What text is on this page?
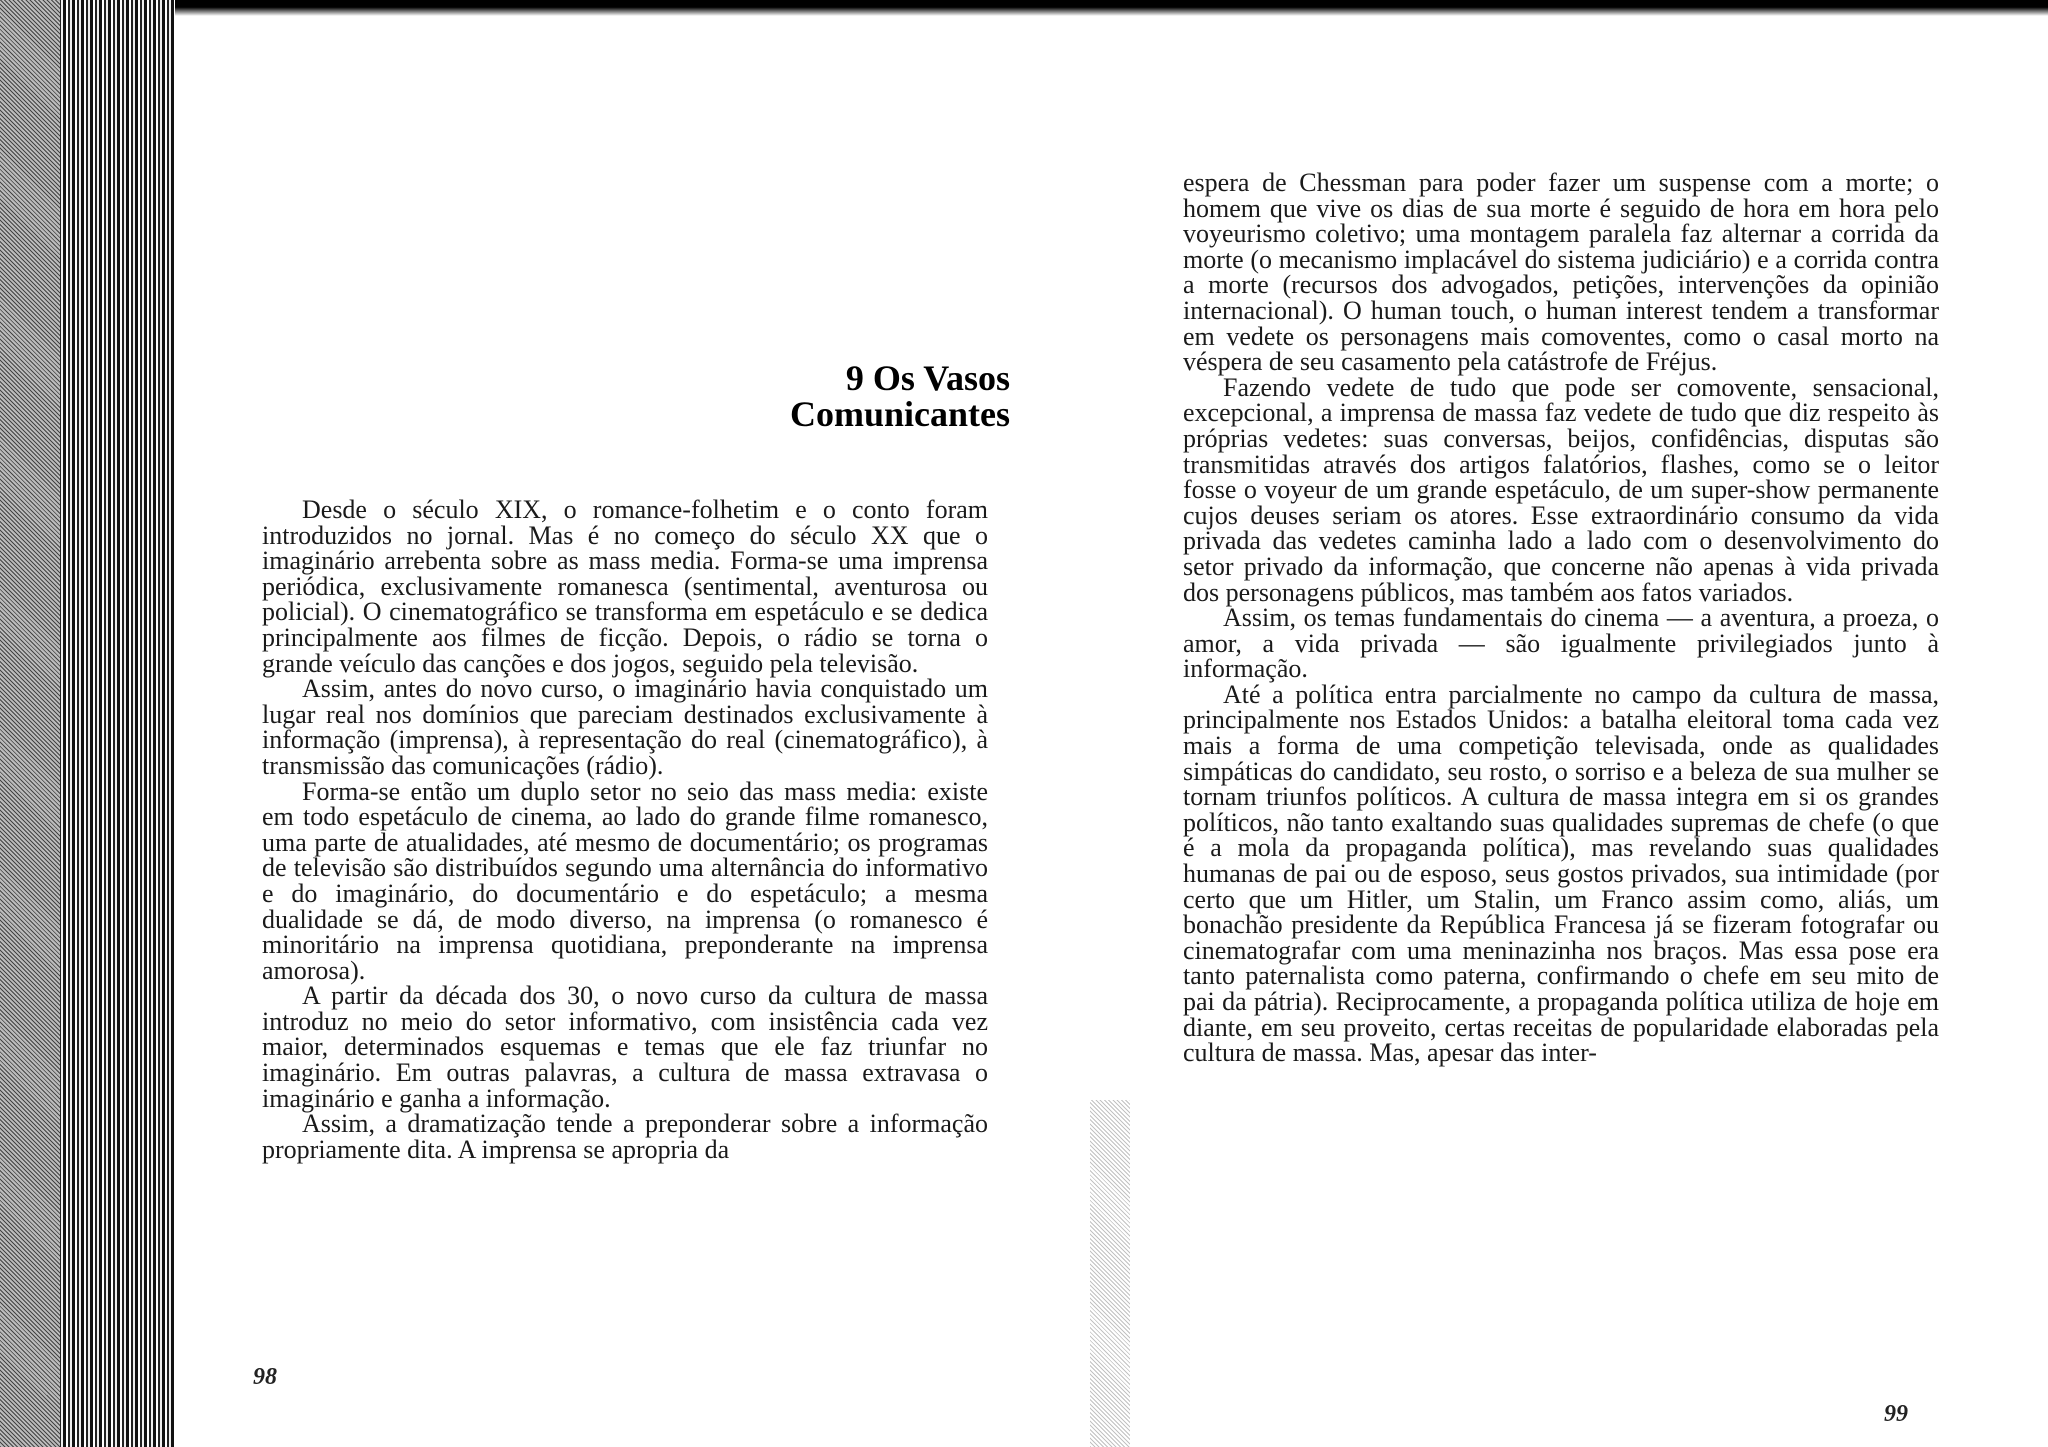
9 Os Vasos
Comunicantes

Desde o século XIX, o romance-folhetim e o conto foram introduzidos no jornal. Mas é no começo do século XX que o imaginário arrebenta sobre as mass media. Forma-se uma imprensa periódica, exclusivamente romanesca (sentimental, aventurosa ou policial). O cinematográfico se transforma em espetáculo e se dedica principalmente aos filmes de ficção. Depois, o rádio se torna o grande veículo das canções e dos jogos, seguido pela televisão.

Assim, antes do novo curso, o imaginário havia conquistado um lugar real nos domínios que pareciam destinados exclusivamente à informação (imprensa), à representação do real (cinematográfico), à transmissão das comunicações (rádio).

Forma-se então um duplo setor no seio das mass media: existe em todo espetáculo de cinema, ao lado do grande filme romanesco, uma parte de atualidades, até mesmo de documentário; os programas de televisão são distribuídos segundo uma alternância do informativo e do imaginário, do documentário e do espetáculo; a mesma dualidade se dá, de modo diverso, na imprensa (o romanesco é minoritário na imprensa quotidiana, preponderante na imprensa amorosa).

A partir da década dos 30, o novo curso da cultura de massa introduz no meio do setor informativo, com insistência cada vez maior, determinados esquemas e temas que ele faz triunfar no imaginário. Em outras palavras, a cultura de massa extravasa o imaginário e ganha a informação.

Assim, a dramatização tende a preponderar sobre a informação propriamente dita. A imprensa se apropria da

espera de Chessman para poder fazer um suspense com a morte; o homem que vive os dias de sua morte é seguido de hora em hora pelo voyeurismo coletivo; uma montagem paralela faz alternar a corrida da morte (o mecanismo implacável do sistema judiciário) e a corrida contra a morte (recursos dos advogados, petições, intervenções da opinião internacional). O human touch, o human interest tendem a transformar em vedete os personagens mais comoventes, como o casal morto na véspera de seu casamento pela catástrofe de Fréjus.

Fazendo vedete de tudo que pode ser comovente, sensacional, excepcional, a imprensa de massa faz vedete de tudo que diz respeito às próprias vedetes: suas conversas, beijos, confidências, disputas são transmitidas através dos artigos falatórios, flashes, como se o leitor fosse o voyeur de um grande espetáculo, de um super-show permanente cujos deuses seriam os atores. Esse extraordinário consumo da vida privada das vedetes caminha lado a lado com o desenvolvimento do setor privado da informação, que concerne não apenas à vida privada dos personagens públicos, mas também aos fatos variados.

Assim, os temas fundamentais do cinema — a aventura, a proeza, o amor, a vida privada — são igualmente privilegiados junto à informação.

Até a política entra parcialmente no campo da cultura de massa, principalmente nos Estados Unidos: a batalha eleitoral toma cada vez mais a forma de uma competição televisada, onde as qualidades simpáticas do candidato, seu rosto, o sorriso e a beleza de sua mulher se tornam triunfos políticos. A cultura de massa integra em si os grandes políticos, não tanto exaltando suas qualidades supremas de chefe (o que é a mola da propaganda política), mas revelando suas qualidades humanas de pai ou de esposo, seus gostos privados, sua intimidade (por certo que um Hitler, um Stalin, um Franco assim como, aliás, um bonachão presidente da República Francesa já se fizeram fotografar ou cinematografar com uma meninazinha nos braços. Mas essa pose era tanto paternalista como paterna, confirmando o chefe em seu mito de pai da pátria). Reciprocamente, a propaganda política utiliza de hoje em diante, em seu proveito, certas receitas de popularidade elaboradas pela cultura de massa. Mas, apesar das inter-

98
99
